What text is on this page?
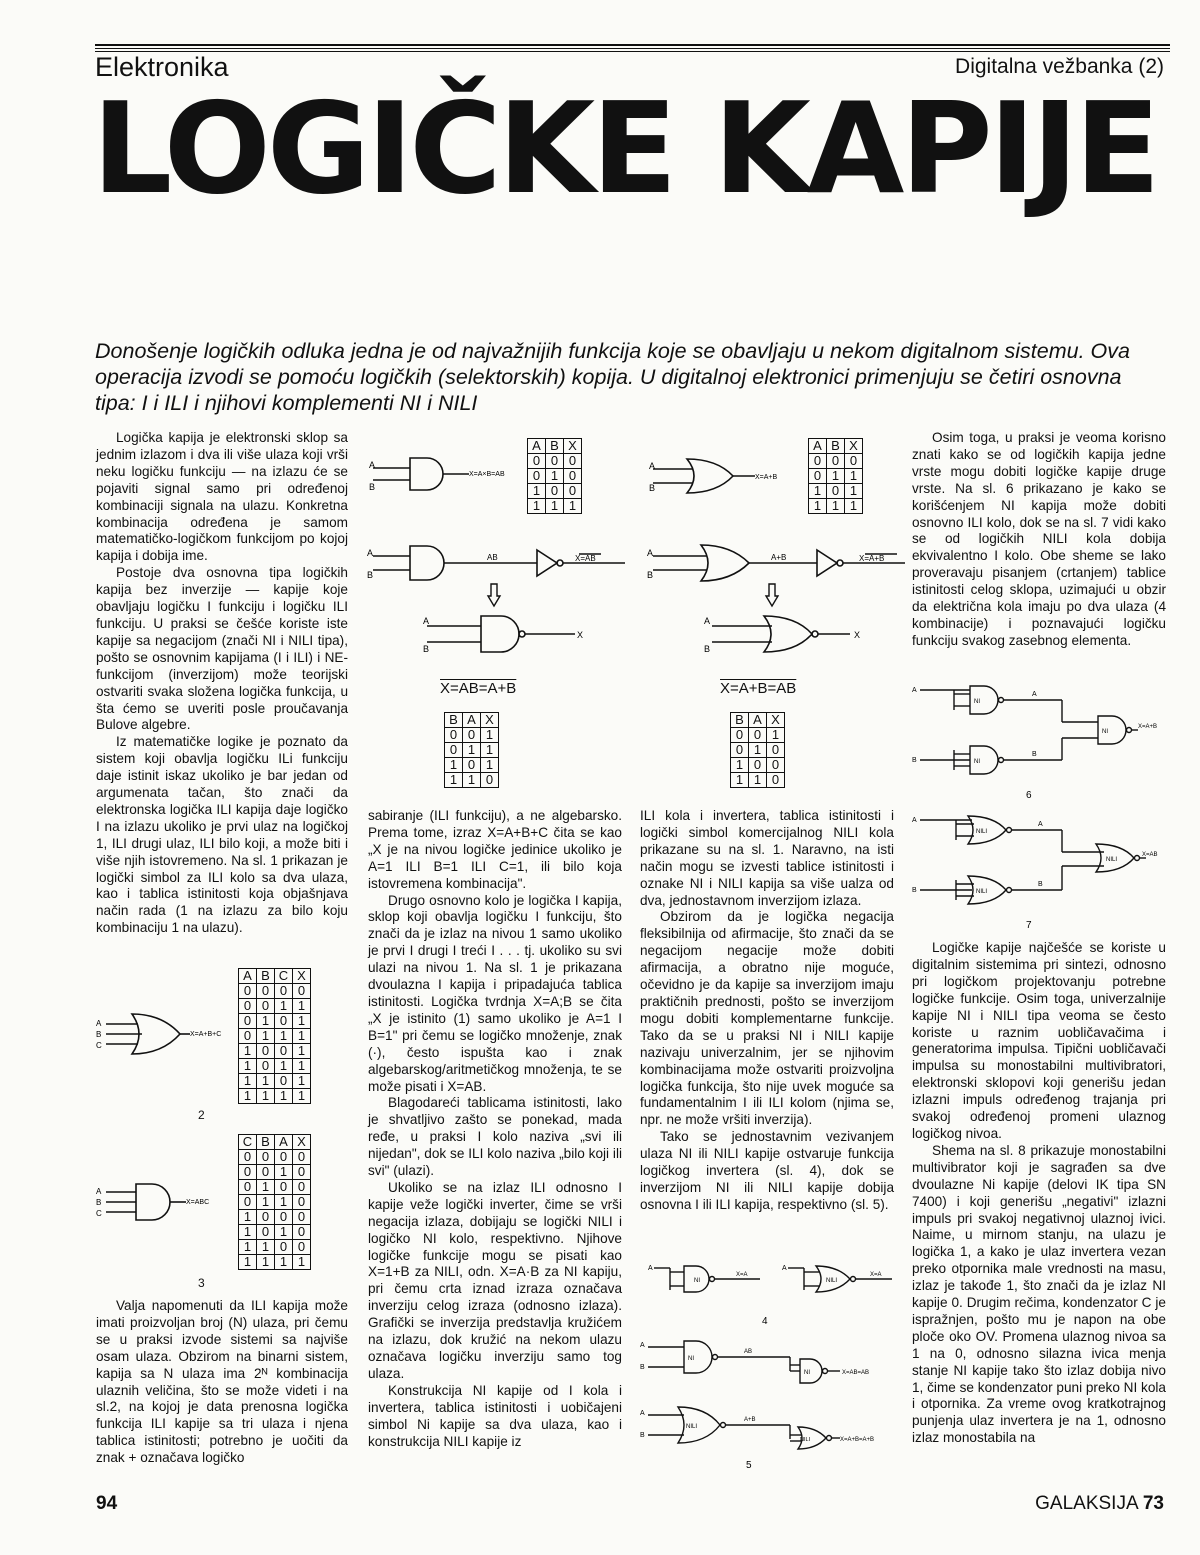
Elektronika	Digitalna vežbanka (2)
LOGIČKE KAPIJE
Donošenje logičkih odluka jedna je od najvažnijih funkcija koje se obavljaju u nekom digitalnom sistemu. Ova operacija izvodi se pomoću logičkih (selektorskih) kopija. U digitalnoj elektronici primenjuju se četiri osnovna tipa: I i ILI i njihovi komplementi NI i NILI

Logička kapija je elektronski sklop sa jednim izlazom i dva ili više ulaza koji vrši neku logičku funkciju — na izlazu će se pojaviti signal samo pri određenoj kombinaciji signala na ulazu. Konkretna kombinacija određena je samom matematičko-logičkom funkcijom po kojoj kapija i dobija ime.

Postoje dva osnovna tipa logičkih kapija bez inverzije — kapije koje obavljaju logičku I funkciju i logičku ILI funkciju. U praksi se češće koriste iste kapije sa negacijom (znači NI i NILI tipa), pošto se osnovnim kapijama (I i ILI) i NE-funkcijom (inverzijom) može teorijski ostvariti svaka složena logička funkcija, u šta ćemo se uveriti posle proučavanja Bulove algebre.

Iz matematičke logike je poznato da sistem koji obavlja logičku ILi funkciju daje istinit iskaz ukoliko je bar jedan od argumenata tačan, što znači da elektronska logička ILI kapija daje logičko I na izlazu ukoliko je prvi ulaz na logičkoj 1, ILI drugi ulaz, ILI bilo koji, a može biti i više njih istovremeno. Na sl. 1 prikazan je logički simbol za ILI kolo sa dva ulaza, kao i tablica istinitosti koja objašnjava način rada (1 na izlazu za bilo koju kombinaciju 1 na ulazu).

Valja napomenuti da ILI kapija može imati proizvoljan broj (N) ulaza, pri čemu se u praksi izvode sistemi sa najviše osam ulaza. Obzirom na binarni sistem, kapija sa N ulaza ima 2ᴺ kombinacija ulaznih veličina, što se može videti i na sl.2, na kojoj je data prenosna logička funkcija ILI kapije sa tri ulaza i njena tablica istinitosti; potrebno je uočiti da znak + označava logičko

sabiranje (ILI funkciju), a ne algebarsko. Prema tome, izraz X=A+B+C čita se kao „X je na nivou logičke jedinice ukoliko je A=1 ILI B=1 ILI C=1, ili bilo koja istovremena kombinacija".

Drugo osnovno kolo je logička I kapija, sklop koji obavlja logičku I funkciju, što znači da je izlaz na nivou 1 samo ukoliko je prvi I drugi I treći I . . . tj. ukoliko su svi ulazi na nivou 1. Na sl. 1 je prikazana dvoulazna I kapija i pripadajuća tablica istinitosti. Logička tvrdnja X=A;B se čita „X je istinito (1) samo ukoliko je A=1 I B=1" pri čemu se logičko množenje, znak (·), često ispušta kao i znak algebarskog/aritmetičkog množenja, te se može pisati i X=AB.

Blagodareći tablicama istinitosti, lako je shvatljivo zašto se ponekad, mada ređe, u praksi I kolo naziva „svi ili nijedan", dok se ILI kolo naziva „bilo koji ili svi" (ulazi).

Ukoliko se na izlaz ILI odnosno I kapije veže logički inverter, čime se vrši negacija izlaza, dobijaju se logički NILI i logičko NI kolo, respektivno. Njihove logičke funkcije mogu se pisati kao X=1+B za NILI, odn. X=A·B za NI kapiju, pri čemu crta iznad izraza označava inverziju celog izraza (odnosno izlaza). Grafički se inverzija predstavlja kružićem na izlazu, dok kružić na nekom ulazu označava logičku inverziju samo tog ulaza.

Konstrukcija NI kapije od I kola i invertera, tablica istinitosti i uobičajeni simbol Ni kapije sa dva ulaza, kao i konstrukcija NILI kapije iz

ILI kola i invertera, tablica istinitosti i logički simbol komercijalnog NILI kola prikazane su na sl. 1. Naravno, na isti način mogu se izvesti tablice istinitosti i oznake NI i NILI kapija sa više ualza od dva, jednostavnom inverzijom izlaza.

Obzirom da je logička negacija fleksibilnija od afirmacije, što znači da se negacijom negacije može dobiti afirmacija, a obratno nije moguće, očevidno je da kapije sa inverzijom imaju praktičnih prednosti, pošto se inverzijom mogu dobiti komplementarne funkcije. Tako da se u praksi NI i NILI kapije nazivaju univerzalnim, jer se njihovim kombinacijama može ostvariti proizvoljna logička funkcija, što nije uvek moguće sa fundamentalnim I ili ILI kolom (njima se, npr. ne može vršiti inverzija).

Tako se jednostavnim vezivanjem ulaza NI ili NILI kapije ostvaruje funkcija logičkog invertera (sl. 4), dok se inverzijom NI ili NILI kapije dobija osnovna I ili ILI kapija, respektivno (sl. 5).

Osim toga, u praksi je veoma korisno znati kako se od logičkih kapija jedne vrste mogu dobiti logičke kapije druge vrste. Na sl. 6 prikazano je kako se korišćenjem NI kapija može dobiti osnovno ILI kolo, dok se na sl. 7 vidi kako se od logičkih NILI kola dobija ekvivalentno I kolo. Obe sheme se lako proveravaju pisanjem (crtanjem) tablice istinitosti celog sklopa, uzimajući u obzir da električna kola imaju po dva ulaza (4 kombinacije) i poznavajući logičku funkciju svakog zasebnog elementa.

Logičke kapije najčešće se koriste u digitalnim sistemima pri sintezi, odnosno pri logičkom projektovanju potrebne logičke funkcije. Osim toga, univerzalnije kapije NI i NILI tipa veoma se često koriste u raznim uobličavačima i generatorima impulsa. Tipični uobličavači impulsa su monostabilni multivibratori, elektronski sklopovi koji generišu jedan izlazni impuls određenog trajanja pri svakoj određenoj promeni ulaznog logičkog nivoa.

Shema na sl. 8 prikazuje monostabilni multivibrator koji je sagrađen sa dve dvoulazne Ni kapije (delovi IK tipa SN 7400) i koji generišu „negativi" izlazni impuls pri svakoj negativnoj ulaznoj ivici. Naime, u mirnom stanju, na ulazu je logička 1, a kako je ulaz invertera vezan preko otpornika male vrednosti na masu, izlaz je takođe 1, što znači da je izlaz NI kapije 0. Drugim rečima, kondenzator C je ispražnjen, pošto mu je napon na obe ploče oko OV. Promena ulaznog nivoa sa 1 na 0, odnosno silazna ivica menja stanje NI kapije tako što izlaz dobija nivo 1, čime se kondenzator puni preko NI kola i otpornika. Za vreme ovog kratkotrajnog punjenja ulaz invertera je na 1, odnosno izlaz monostabila na

A
B
X=A×B=AB
A	B	X
0	0	0
0	1	0
1	0	0
1	1	1
A
B
AB	X=AB
A
B
X
X=AB=A+B
B	A	X
0	0	1
0	1	1
1	0	1
1	1	0
A
B
X=A+B
A	B	X
0	0	0
0	1	1
1	0	1
1	1	1
A
B
A+B	X=A+B
A
B
X
X=A+B=AB
B	A	X
0	0	1
0	1	0
1	0	0
1	1	0
A
B
C
X=A+B+C
A	B	C	X
0	0	0	0
0	0	1	1
0	1	0	1
0	1	1	1
1	0	0	1
1	0	1	1
1	1	0	1
1	1	1	1
2
A
B
C
X=ABC
C	B	A	X
0	0	0	0
0	0	1	0
0	1	0	0
0	1	1	0
1	0	0	0
1	0	1	0
1	1	0	0
1	1	1	1
3
A
NI
X=A
A
NILI
X=A
4
A
B
NI
AB
NI	X=AB=AB
A
B
NILI
A+B
NILI	X=A+B=A+B
5
A
B
NI
NI
NI
A
B
X=A+B
6
A
B
NILI
NILI
NILI
A
B
X=AB
7
94	GALAKSIJA 73
